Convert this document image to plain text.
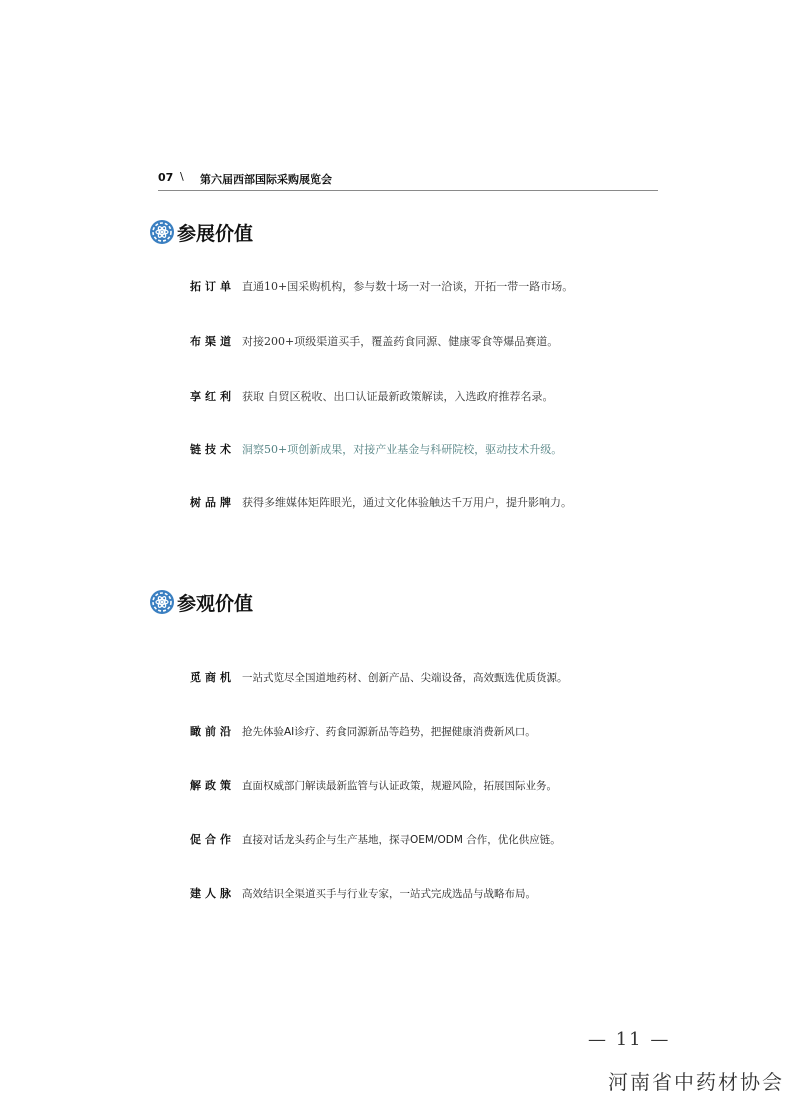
07 \ 第六届西部国际采购展览会
参展价值
拓订单 直通10+国采购机构，参与数十场一对一洽谈，开拓一带一路市场。
布渠道 对接200+项级渠道买手，覆盖药食同源、健康零食等爆品赛道。
享红利 获取 自贸区税收、出口认证最新政策解读，入选政府推荐名录。
链技术 洞察50+项创新成果，对接产业基金与科研院校，驱动技术升级。
树品牌 获得多维媒体矩阵眼光，通过文化体验触达千万用户，提升影响力。
参观价值
觅商机 一站式览尽全国道地药材、创新产品、尖端设备，高效甄选优质货源。
瞰前沿 抢先体验AI诊疗、药食同源新品等趋势，把握健康消费新风口。
解政策 直面权威部门解读最新监管与认证政策，规避风险，拓展国际业务。
促合作 直接对话龙头药企与生产基地，探寻OEM/ODM 合作，优化供应链。
建人脉 高效结识全渠道买手与行业专家，一站式完成选品与战略布局。
— 11 —
河南省中药材协会
